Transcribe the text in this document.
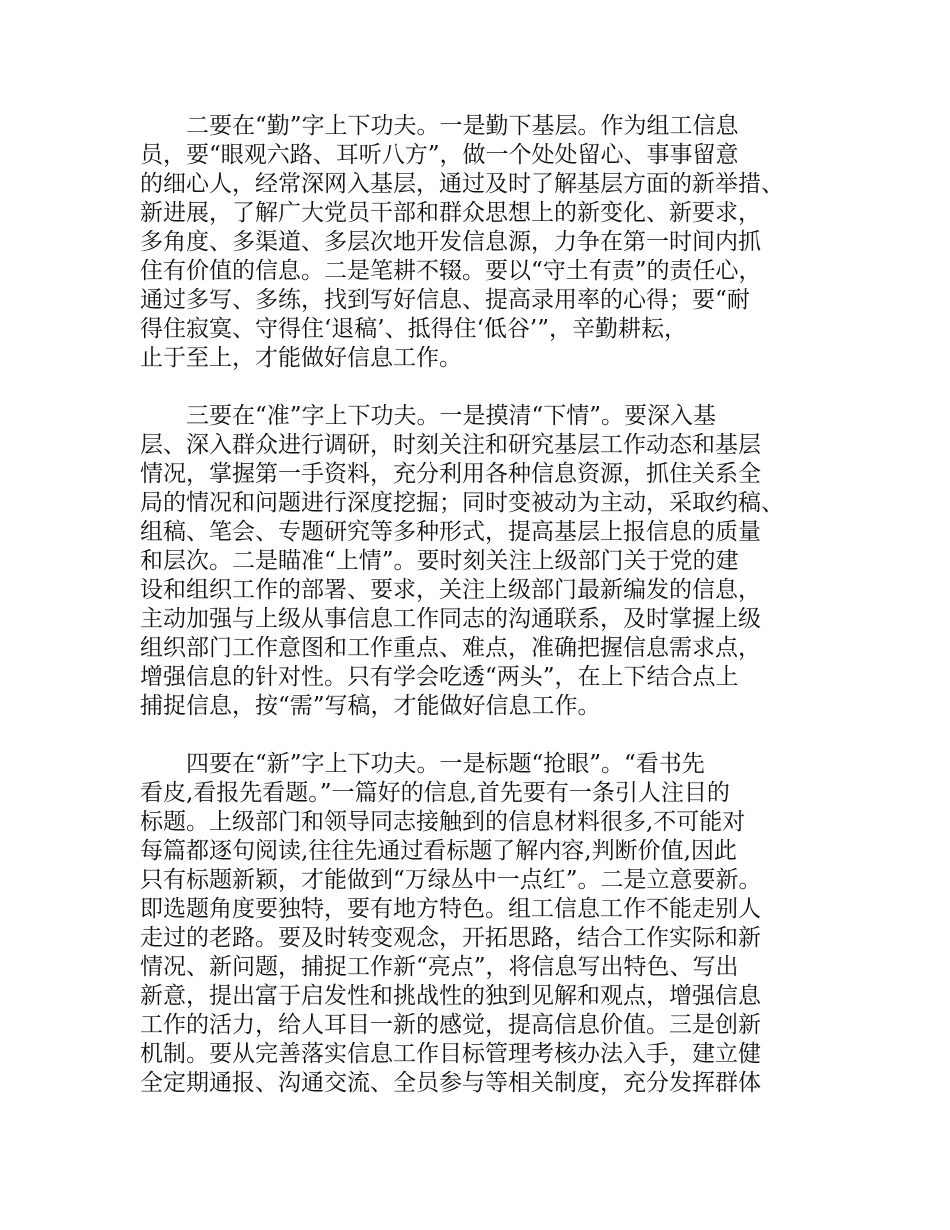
二要在“勤”字上下功夫。一是勤下基层。作为组工信息
员，要“眼观六路、耳听八方”，做一个处处留心、事事留意
的细心人，经常深网入基层，通过及时了解基层方面的新举措、
新进展，了解广大党员干部和群众思想上的新变化、新要求，
多角度、多渠道、多层次地开发信息源，力争在第一时间内抓
住有价值的信息。二是笔耕不辍。要以“守土有责”的责任心，
通过多写、多练，找到写好信息、提高录用率的心得；要“耐
得住寂寞、守得住‘退稿’、抵得住‘低谷’”，辛勤耕耘，
止于至上，才能做好信息工作。
三要在“准”字上下功夫。一是摸清“下情”。要深入基
层、深入群众进行调研，时刻关注和研究基层工作动态和基层
情况，掌握第一手资料，充分利用各种信息资源，抓住关系全
局的情况和问题进行深度挖掘；同时变被动为主动，采取约稿、
组稿、笔会、专题研究等多种形式，提高基层上报信息的质量
和层次。二是瞄准“上情”。要时刻关注上级部门关于党的建
设和组织工作的部署、要求，关注上级部门最新编发的信息，
主动加强与上级从事信息工作同志的沟通联系，及时掌握上级
组织部门工作意图和工作重点、难点，准确把握信息需求点，
增强信息的针对性。只有学会吃透“两头”，在上下结合点上
捕捉信息，按“需”写稿，才能做好信息工作。
四要在“新”字上下功夫。一是标题“抢眼”。“看书先
看皮,看报先看题。”一篇好的信息,首先要有一条引人注目的
标题。上级部门和领导同志接触到的信息材料很多,不可能对
每篇都逐句阅读,往往先通过看标题了解内容,判断价值,因此
只有标题新颖，才能做到“万绿丛中一点红”。二是立意要新。
即选题角度要独特，要有地方特色。组工信息工作不能走别人
走过的老路。要及时转变观念，开拓思路，结合工作实际和新
情况、新问题，捕捉工作新“亮点”，将信息写出特色、写出
新意，提出富于启发性和挑战性的独到见解和观点，增强信息
工作的活力，给人耳目一新的感觉，提高信息价值。三是创新
机制。要从完善落实信息工作目标管理考核办法入手，建立健
全定期通报、沟通交流、全员参与等相关制度，充分发挥群体
